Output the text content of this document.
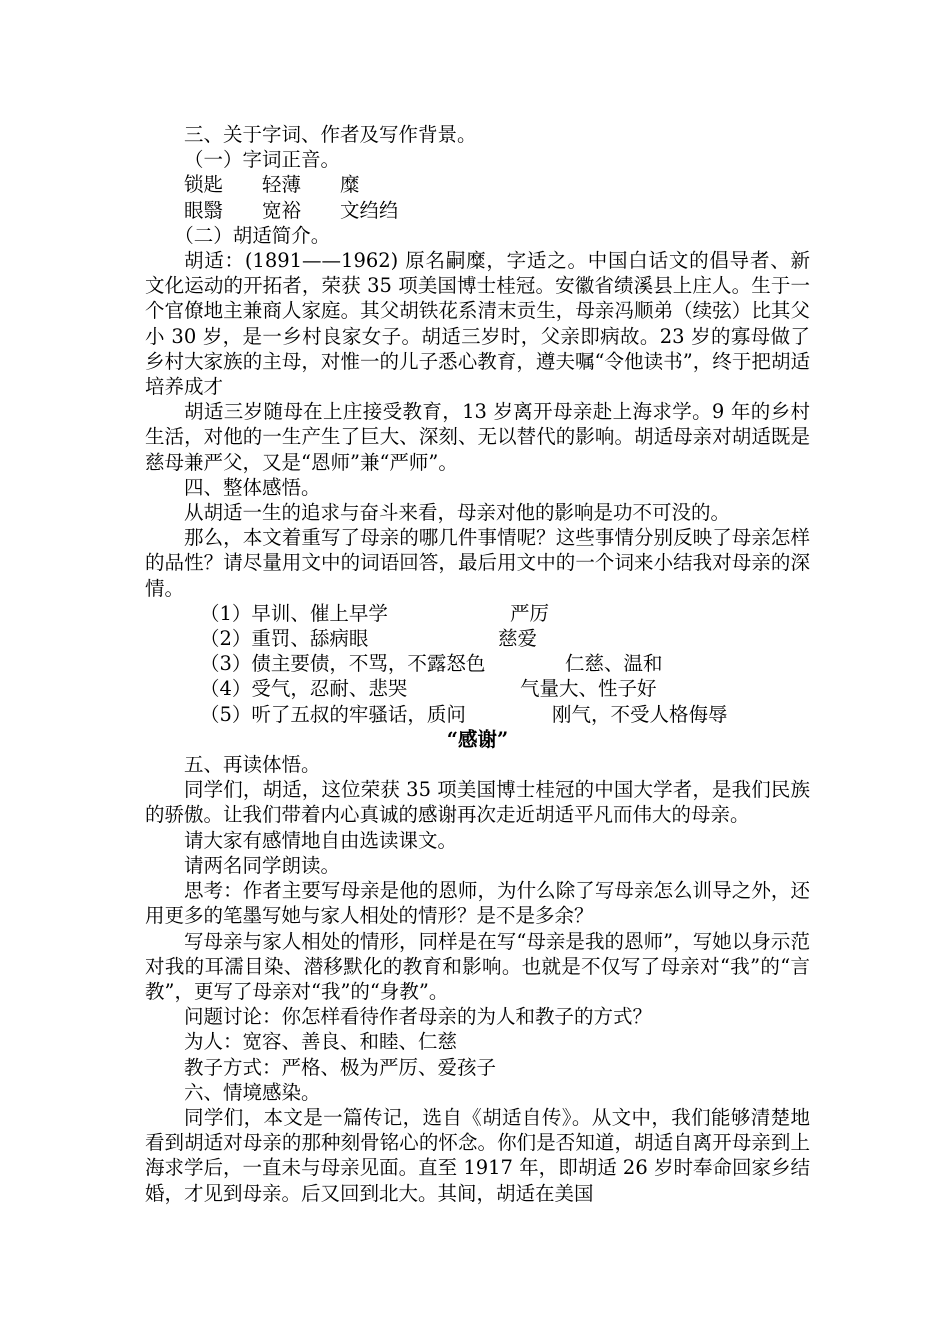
三、关于字词、作者及写作背景。

（一）字词正音。

锁匙	轻薄	糜
眼翳	宽裕	文绉绉

（二）胡适简介。

胡适：(1891——1962) 原名嗣糜，字适之。中国白话文的倡导者、新文化运动的开拓者，荣获 35 项美国博士桂冠。安徽省绩溪县上庄人。生于一个官僚地主兼商人家庭。其父胡铁花系清末贡生，母亲冯顺弟（续弦）比其父小 30 岁，是一乡村良家女子。胡适三岁时，父亲即病故。23 岁的寡母做了乡村大家族的主母，对惟一的儿子悉心教育，遵夫嘱“令他读书”，终于把胡适培养成才

胡适三岁随母在上庄接受教育，13 岁离开母亲赴上海求学。9 年的乡村生活，对他的一生产生了巨大、深刻、无以替代的影响。胡适母亲对胡适既是慈母兼严父，又是“恩师”兼“严师”。

四、整体感悟。

从胡适一生的追求与奋斗来看，母亲对他的影响是功不可没的。

那么，本文着重写了母亲的哪几件事情呢？这些事情分别反映了母亲怎样的品性？请尽量用文中的词语回答，最后用文中的一个词来小结我对母亲的深情。

（1）早训、催上早学	严厉
（2）重罚、舔病眼	慈爱
（3）债主要债，不骂，不露怒色	仁慈、温和
（4）受气，忍耐、悲哭	气量大、性子好
（5）听了五叔的牢骚话，质问	刚气，不受人格侮辱

“感谢”

五、再读体悟。

同学们，胡适，这位荣获 35 项美国博士桂冠的中国大学者，是我们民族的骄傲。让我们带着内心真诚的感谢再次走近胡适平凡而伟大的母亲。

请大家有感情地自由选读课文。

请两名同学朗读。

思考：作者主要写母亲是他的恩师，为什么除了写母亲怎么训导之外，还用更多的笔墨写她与家人相处的情形？是不是多余？

写母亲与家人相处的情形，同样是在写“母亲是我的恩师”，写她以身示范对我的耳濡目染、潜移默化的教育和影响。也就是不仅写了母亲对“我”的“言教”，更写了母亲对“我”的“身教”。

问题讨论：你怎样看待作者母亲的为人和教子的方式？

为人：宽容、善良、和睦、仁慈

教子方式：严格、极为严厉、爱孩子

六、情境感染。

同学们，本文是一篇传记，选自《胡适自传》。从文中，我们能够清楚地看到胡适对母亲的那种刻骨铭心的怀念。你们是否知道，胡适自离开母亲到上海求学后，一直未与母亲见面。直至 1917 年，即胡适 26 岁时奉命回家乡结婚，才见到母亲。后又回到北大。其间，胡适在美国
